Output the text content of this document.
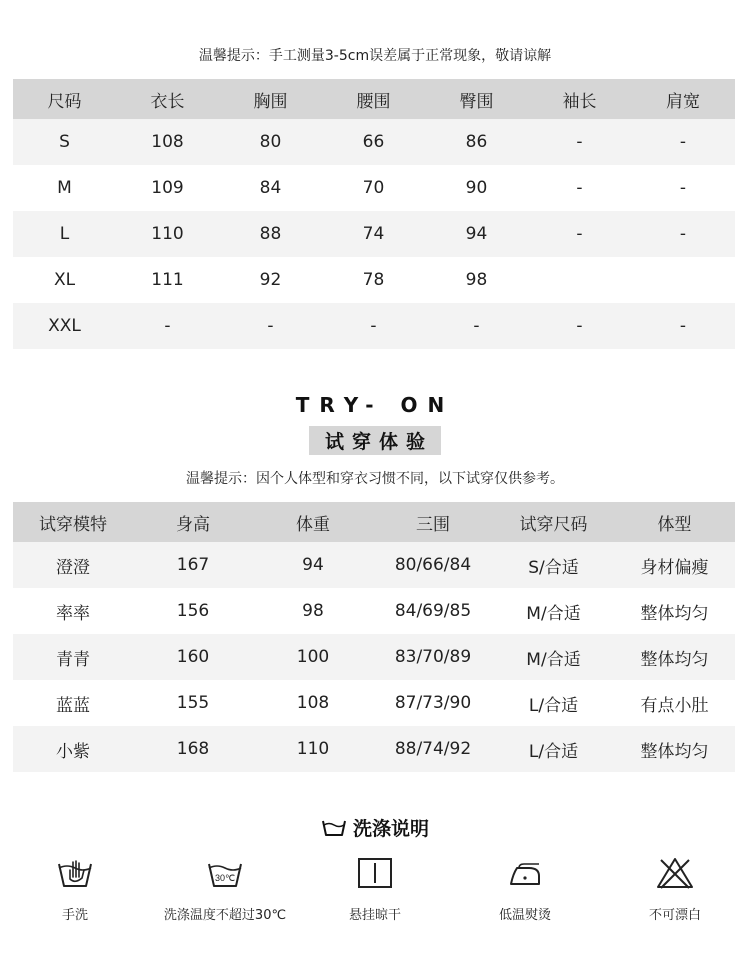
温馨提示：手工测量3-5cm误差属于正常现象，敬请谅解
尺码	衣长	胸围	腰围	臀围	袖长	肩宽
S	108	80	66	86	-	-
M	109	84	70	90	-	-
L	110	88	74	94	-	-
XL	111	92	78	98		
XXL	-	-	-	-	-	-
TRY- ON
试穿体验
温馨提示：因个人体型和穿衣习惯不同，以下试穿仅供参考。
试穿模特	身高	体重	三围	试穿尺码	体型
澄澄	167	94	80/66/84	S/合适	身材偏瘦
率率	156	98	84/69/85	M/合适	整体均匀
青青	160	100	83/70/89	M/合适	整体均匀
蓝蓝	155	108	87/73/90	L/合适	有点小肚
小紫	168	110	88/74/92	L/合适	整体均匀
洗涤说明
手洗
30℃
洗涤温度不超过30℃	悬挂晾干	低温熨烫	不可漂白
